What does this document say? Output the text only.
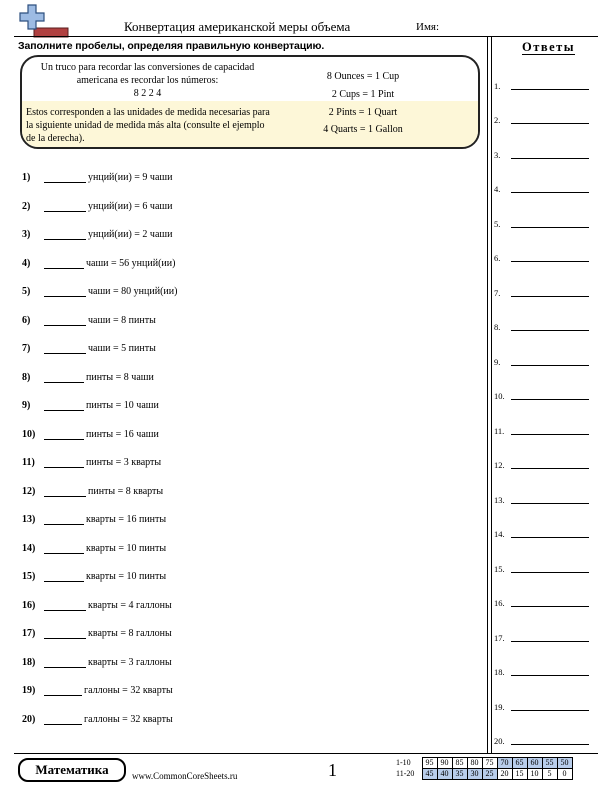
Конвертация американской меры объема	Имя:
Заполните пробелы, определяя правильную конвертацию.
Un truco para recordar las conversiones de capacidad americana es recordar los números:
8 2 2 4
Estos corresponden a las unidades de medida necesarias para la siguiente unidad de medida más alta (consulte el ejemplo de la derecha).
8 Ounces = 1 Cup
2 Cups = 1 Pint
2 Pints = 1 Quart
4 Quarts = 1 Gallon
1)	унций(ии) = 9 чаши
2)	унций(ии) = 6 чаши
3)	унций(ии) = 2 чаши
4)	чаши = 56 унций(ии)
5)	чаши = 80 унций(ии)
6)	чаши = 8 пинты
7)	чаши = 5 пинты
8)	пинты = 8 чаши
9)	пинты = 10 чаши
10)	пинты = 16 чаши
11)	пинты = 3 кварты
12)	пинты = 8 кварты
13)	кварты = 16 пинты
14)	кварты = 10 пинты
15)	кварты = 10 пинты
16)	кварты = 4 галлоны
17)	кварты = 8 галлоны
18)	кварты = 3 галлоны
19)	галлоны = 32 кварты
20)	галлоны = 32 кварты
Ответы
1.
2.
3.
4.
5.
6.
7.
8.
9.
10.
11.
12.
13.
14.
15.
16.
17.
18.
19.
20.
Математика	www.CommonCoreSheets.ru	1	1-10	95	90	85	80	75	70	65	60	55	50
11-20	45	40	35	30	25	20	15	10	5	0
